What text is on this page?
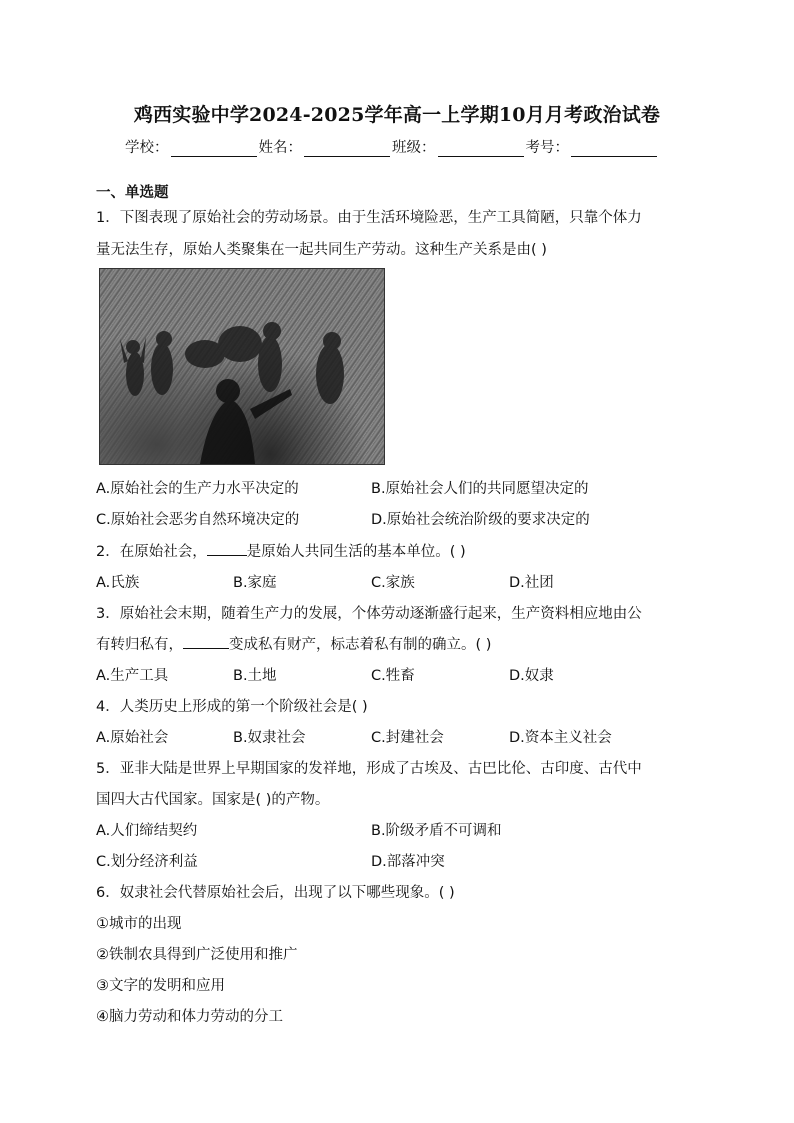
鸡西实验中学2024-2025学年高一上学期10月月考政治试卷
学校：	姓名：	班级：	考号：
一、单选题
1．下图表现了原始社会的劳动场景。由于生活环境险恶，生产工具简陋，只靠个体力
量无法生存，原始人类聚集在一起共同生产劳动。这种生产关系是由( )
A.原始社会的生产力水平决定的	B.原始社会人们的共同愿望决定的
C.原始社会恶劣自然环境决定的	D.原始社会统治阶级的要求决定的
2．在原始社会，	是原始人共同生活的基本单位。( )
A.氏族	B.家庭	C.家族	D.社团
3．原始社会末期，随着生产力的发展，个体劳动逐渐盛行起来，生产资料相应地由公
有转归私有，	变成私有财产，标志着私有制的确立。( )
A.生产工具	B.土地	C.牲畜	D.奴隶
4．人类历史上形成的第一个阶级社会是( )
A.原始社会	B.奴隶社会	C.封建社会	D.资本主义社会
5．亚非大陆是世界上早期国家的发祥地，形成了古埃及、古巴比伦、古印度、古代中
国四大古代国家。国家是( )的产物。
A.人们缔结契约	B.阶级矛盾不可调和
C.划分经济利益	D.部落冲突
6．奴隶社会代替原始社会后，出现了以下哪些现象。( )
①城市的出现
②铁制农具得到广泛使用和推广
③文字的发明和应用
④脑力劳动和体力劳动的分工
